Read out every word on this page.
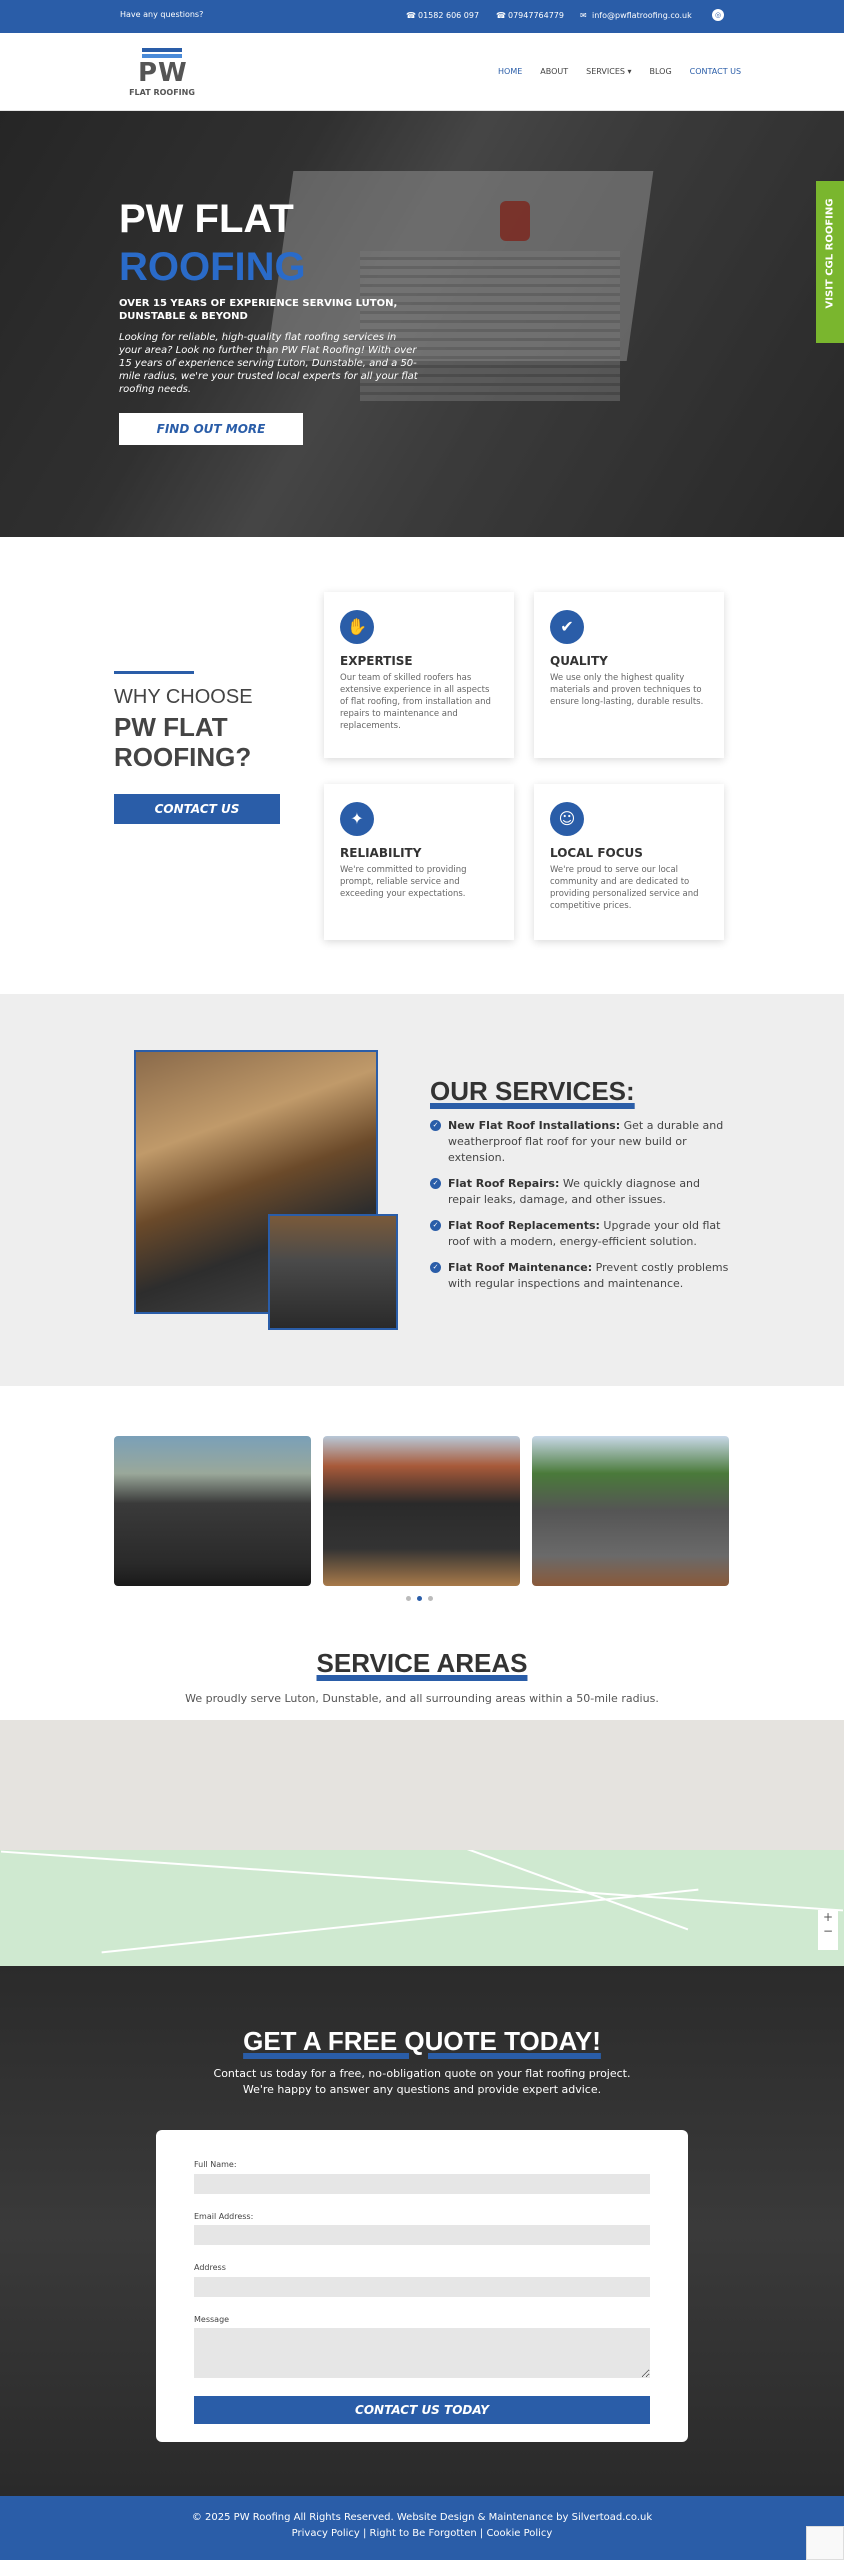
Have any questions?	☎ 01582 606 097 ☎ 07947764779 ✉ info@pwflatroofing.co.uk	◎
PW
FLAT ROOFING
HOME ABOUT SERVICES ▾ BLOG CONTACT US
PW FLAT
ROOFING
OVER 15 YEARS OF EXPERIENCE SERVING LUTON, DUNSTABLE & BEYOND
Looking for reliable, high-quality flat roofing services in your area? Look no further than PW Flat Roofing! With over 15 years of experience serving Luton, Dunstable, and a 50-mile radius, we're your trusted local experts for all your flat roofing needs.
FIND OUT MORE
VISIT CGL ROOFING
WHY CHOOSE
PW FLAT ROOFING?
CONTACT US
✋
EXPERTISE

Our team of skilled roofers has extensive experience in all aspects of flat roofing, from installation and repairs to maintenance and replacements.

✔
QUALITY

We use only the highest quality materials and proven techniques to ensure long-lasting, durable results.

✦
RELIABILITY

We're committed to providing prompt, reliable service and exceeding your expectations.

☺
LOCAL FOCUS

We're proud to serve our local community and are dedicated to providing personalized service and competitive prices.

OUR SERVICES:
✓ New Flat Roof Installations: Get a durable and weatherproof flat roof for your new build or extension.
✓ Flat Roof Repairs: We quickly diagnose and repair leaks, damage, and other issues.
✓ Flat Roof Replacements: Upgrade your old flat roof with a modern, energy-efficient solution.
✓ Flat Roof Maintenance: Prevent costly problems with regular inspections and maintenance.
SERVICE AREAS
We proudly serve Luton, Dunstable, and all surrounding areas within a 50-mile radius.
+
−
GET A FREE QUOTE TODAY!
Contact us today for a free, no-obligation quote on your flat roofing project.
We're happy to answer any questions and provide expert advice.
Full Name:
Email Address:
Address
Message
CONTACT US TODAY
© 2025 PW Roofing All Rights Reserved. Website Design & Maintenance by Silvertoad.co.uk
Privacy Policy | Right to Be Forgotten | Cookie Policy
